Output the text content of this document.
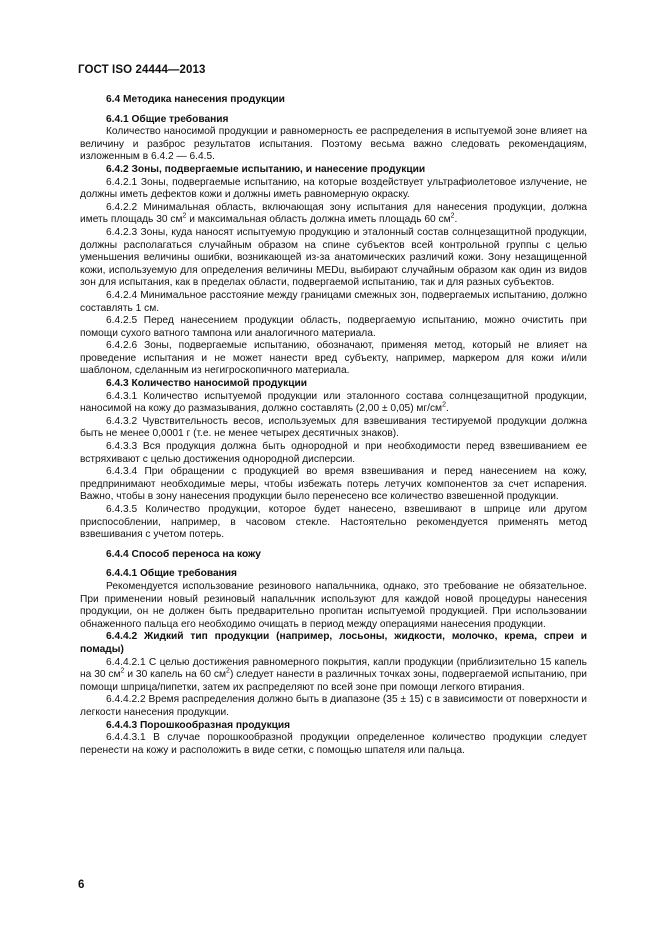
ГОСТ ISO 24444—2013

6.4 Методика нанесения продукции

6.4.1 Общие требования

Количество наносимой продукции и равномерность ее распределения в испытуемой зоне влияет на величину и разброс результатов испытания. Поэтому весьма важно следовать рекомендациям, изложенным в 6.4.2 — 6.4.5.

6.4.2 Зоны, подвергаемые испытанию, и нанесение продукции

6.4.2.1 Зоны, подвергаемые испытанию, на которые воздействует ультрафиолетовое излучение, не должны иметь дефектов кожи и должны иметь равномерную окраску.

6.4.2.2 Минимальная область, включающая зону испытания для нанесения продукции, должна иметь площадь 30 $см^2$ и максимальная область должна иметь площадь 60 $см^2$.

6.4.2.3 Зоны, куда наносят испытуемую продукцию и эталонный состав солнцезащитной продукции, должны располагаться случайным образом на спине субъектов всей контрольной группы с целью уменьшения величины ошибки, возникающей из-за анатомических различий кожи. Зону незащищенной кожи, используемую для определения величины MEDu, выбирают случайным образом как один из видов зон для испытания, как в пределах области, подвергаемой испытанию, так и для разных субъектов.

6.4.2.4 Минимальное расстояние между границами смежных зон, подвергаемых испытанию, должно составлять 1 см.

6.4.2.5 Перед нанесением продукции область, подвергаемую испытанию, можно очистить при помощи сухого ватного тампона или аналогичного материала.

6.4.2.6 Зоны, подвергаемые испытанию, обозначают, применяя метод, который не влияет на проведение испытания и не может нанести вред субъекту, например, маркером для кожи и/или шаблоном, сделанным из негигроскопичного материала.

6.4.3 Количество наносимой продукции

6.4.3.1 Количество испытуемой продукции или эталонного состава солнцезащитной продукции, наносимой на кожу до размазывания, должно составлять (2,00 ± 0,05) $мг/см^2$.

6.4.3.2 Чувствительность весов, используемых для взвешивания тестируемой продукции должна быть не менее 0,0001 г (т.е. не менее четырех десятичных знаков).

6.4.3.3 Вся продукция должна быть однородной и при необходимости перед взвешиванием ее встряхивают с целью достижения однородной дисперсии.

6.4.3.4 При обращении с продукцией во время взвешивания и перед нанесением на кожу, предпринимают необходимые меры, чтобы избежать потерь летучих компонентов за счет испарения. Важно, чтобы в зону нанесения продукции было перенесено все количество взвешенной продукции.

6.4.3.5 Количество продукции, которое будет нанесено, взвешивают в шприце или другом приспособлении, например, в часовом стекле. Настоятельно рекомендуется применять метод взвешивания с учетом потерь.

6.4.4 Способ переноса на кожу

6.4.4.1 Общие требования

Рекомендуется использование резинового напальчника, однако, это требование не обязательное. При применении новый резиновый напальчник используют для каждой новой процедуры нанесения продукции, он не должен быть предварительно пропитан испытуемой продукцией. При использовании обнаженного пальца его необходимо очищать в период между операциями нанесения продукции.

6.4.4.2 Жидкий тип продукции (например, лосьоны, жидкости, молочко, крема, спреи и помады)

6.4.4.2.1 С целью достижения равномерного покрытия, капли продукции (приблизительно 15 капель на 30 $см^2$ и 30 капель на 60 $см^2$) следует нанести в различных точках зоны, подвергаемой испытанию, при помощи шприца/пипетки, затем их распределяют по всей зоне при помощи легкого втирания.

6.4.4.2.2 Время распределения должно быть в диапазоне (35 ± 15) с в зависимости от поверхности и легкости нанесения продукции.

6.4.4.3 Порошкообразная продукция

6.4.4.3.1 В случае порошкообразной продукции определенное количество продукции следует перенести на кожу и расположить в виде сетки, с помощью шпателя или пальца.

6
